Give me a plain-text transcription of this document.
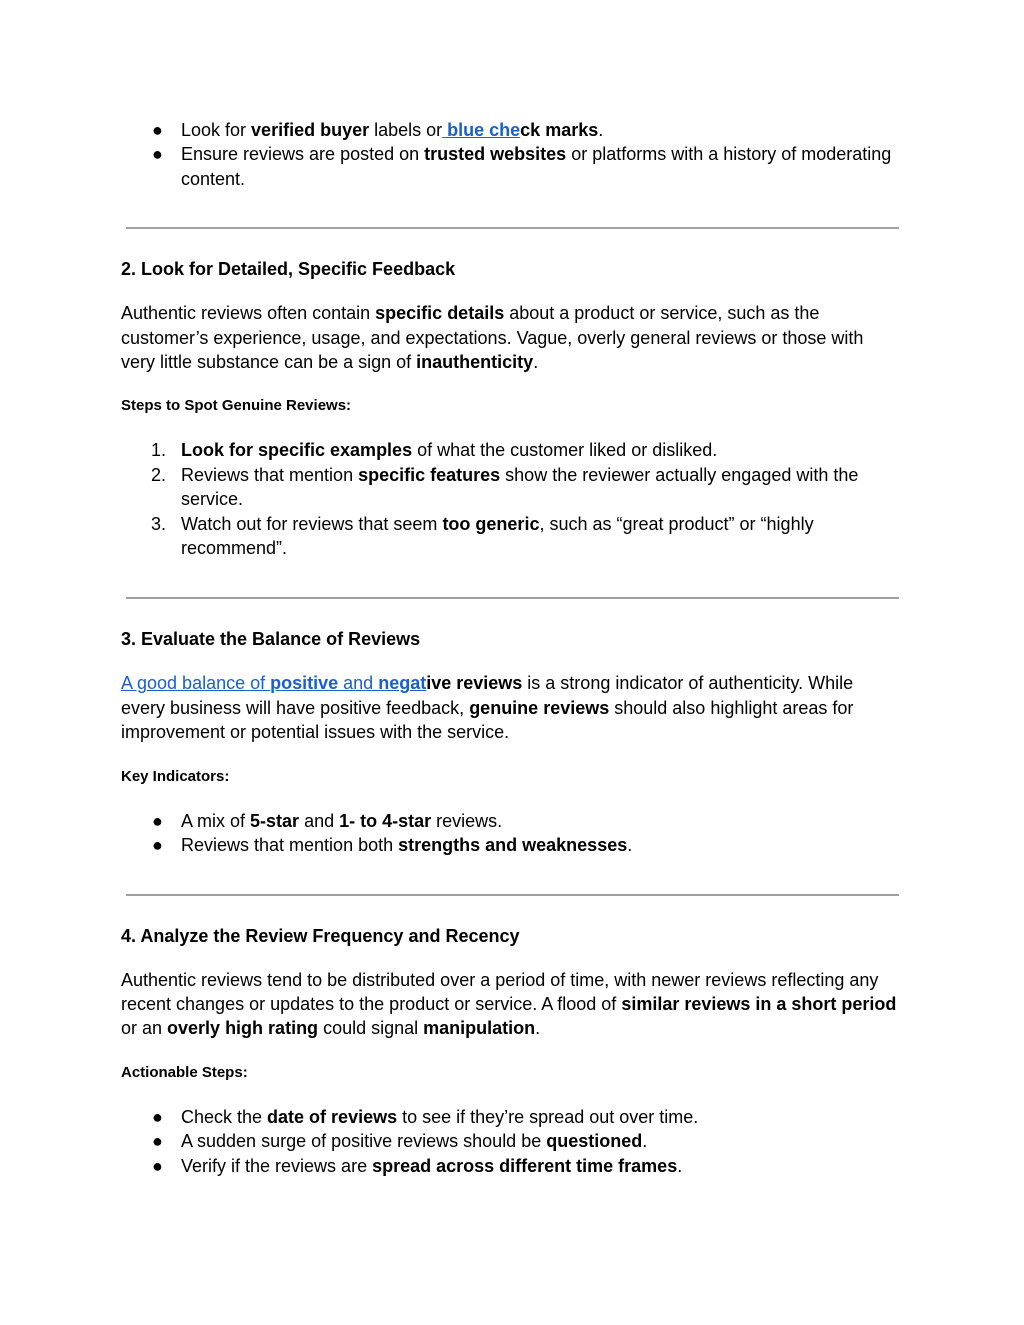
● Look for verified buyer labels or blue check marks.
● Ensure reviews are posted on trusted websites or platforms with a history of moderating content.
2. Look for Detailed, Specific Feedback

Authentic reviews often contain specific details about a product or service, such as the customer’s experience, usage, and expectations. Vague, overly general reviews or those with very little substance can be a sign of inauthenticity.

Steps to Spot Genuine Reviews:
1. Look for specific examples of what the customer liked or disliked.
2. Reviews that mention specific features show the reviewer actually engaged with the service.
3. Watch out for reviews that seem too generic, such as “great product” or “highly recommend”.
3. Evaluate the Balance of Reviews

A good balance of positive and negative reviews is a strong indicator of authenticity. While every business will have positive feedback, genuine reviews should also highlight areas for improvement or potential issues with the service.

Key Indicators:
● A mix of 5-star and 1- to 4-star reviews.
● Reviews that mention both strengths and weaknesses.
4. Analyze the Review Frequency and Recency

Authentic reviews tend to be distributed over a period of time, with newer reviews reflecting any recent changes or updates to the product or service. A flood of similar reviews in a short period or an overly high rating could signal manipulation.

Actionable Steps:
● Check the date of reviews to see if they’re spread out over time.
● A sudden surge of positive reviews should be questioned.
● Verify if the reviews are spread across different time frames.
